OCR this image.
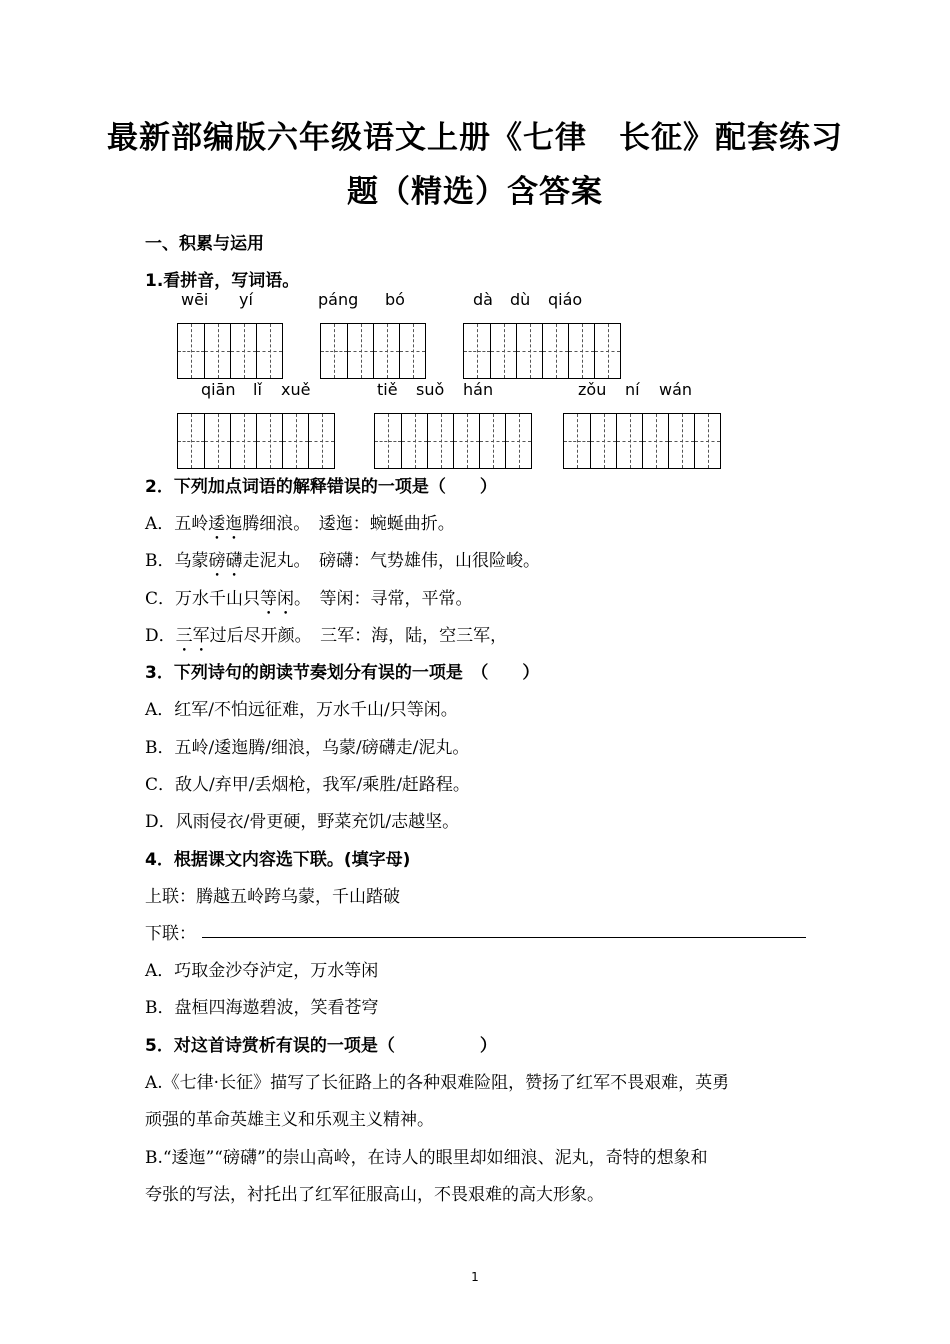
最新部编版六年级语文上册《七律　长征》配套练习
题（精选）含答案
一、积累与运用
1.看拼音，写词语。
wēi yí	páng bó	dà dù qiáo
qiān lǐ xuě	tiě suǒ hán	zǒu ní wán
2．下列加点词语的解释错误的一项是（　　）
A．五岭逶迤腾细浪。　逶迤：蜿蜒曲折。
B．乌蒙磅礴走泥丸。　磅礴：气势雄伟，山很险峻。
C．万水千山只等闲。　等闲：寻常，平常。
D．三军过后尽开颜。　三军：海，陆，空三军，
3．下列诗句的朗读节奏划分有误的一项是　（　　）
A．红军/不怕远征难，万水千山/只等闲。
B．五岭/逶迤腾/细浪，乌蒙/磅礴走/泥丸。
C．敌人/弃甲/丢烟枪，我军/乘胜/赶路程。
D．风雨侵衣/骨更硬，野菜充饥/志越坚。
4．根据课文内容选下联。(填字母)
上联：腾越五岭跨乌蒙，千山踏破
下联：
A．巧取金沙夺泸定，万水等闲
B．盘桓四海遨碧波，笑看苍穹
5．对这首诗赏析有误的一项是（　　　　　）
A.《七律·长征》描写了长征路上的各种艰难险阻，赞扬了红军不畏艰难，英勇
顽强的革命英雄主义和乐观主义精神。
B.“逶迤”“磅礴”的崇山高岭，在诗人的眼里却如细浪、泥丸，奇特的想象和
夸张的写法，衬托出了红军征服高山，不畏艰难的高大形象。
1
